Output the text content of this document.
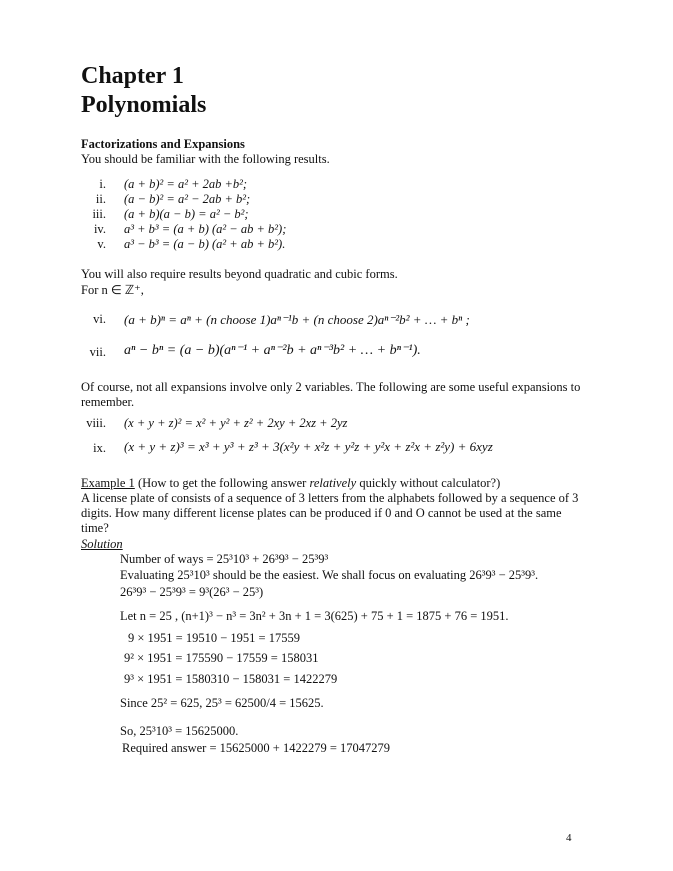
Chapter 1
Polynomials
Factorizations and Expansions
You should be familiar with the following results.
i. (a + b)² = a² + 2ab +b²;
ii. (a − b)² = a² − 2ab + b²;
iii. (a + b)(a − b) = a² − b²;
iv. a³ + b³ = (a + b) (a² − ab + b²);
v. a³ − b³ = (a − b) (a² + ab + b²).
You will also require results beyond quadratic and cubic forms.
For n ∈ ℤ⁺,
vi. (a + b)ⁿ = aⁿ + (n choose 1)aⁿ⁻¹b + (n choose 2)aⁿ⁻²b² + … + bⁿ ;
vii. aⁿ − bⁿ = (a − b)(aⁿ⁻¹ + aⁿ⁻²b + aⁿ⁻³b² + … + bⁿ⁻¹).
Of course, not all expansions involve only 2 variables. The following are some useful expansions to remember.
viii. (x + y + z)² = x² + y² + z² + 2xy + 2xz + 2yz
ix. (x + y + z)³ = x³ + y³ + z³ + 3(x²y + x²z + y²z + y²x + z²x + z²y) + 6xyz
Example 1 (How to get the following answer relatively quickly without calculator?)
A license plate of consists of a sequence of 3 letters from the alphabets followed by a sequence of 3 digits. How many different license plates can be produced if 0 and O cannot be used at the same time?
Solution
Number of ways = 25³10³ + 26³9³ − 25³9³
Evaluating 25³10³ should be the easiest. We shall focus on evaluating 26³9³ − 25³9³.
26³9³ − 25³9³ = 9³(26³ − 25³)
Let n = 25 , (n+1)³ − n³ = 3n² + 3n + 1 = 3(625) + 75 + 1 = 1875 + 76 = 1951.
9 × 1951 = 19510 − 1951 = 17559
9² × 1951 = 175590 − 17559 = 158031
9³ × 1951 = 1580310 − 158031 = 1422279
Since 25² = 625, 25³ = 62500/4 = 15625.
So, 25³10³ = 15625000.
Required answer = 15625000 + 1422279 = 17047279
4
